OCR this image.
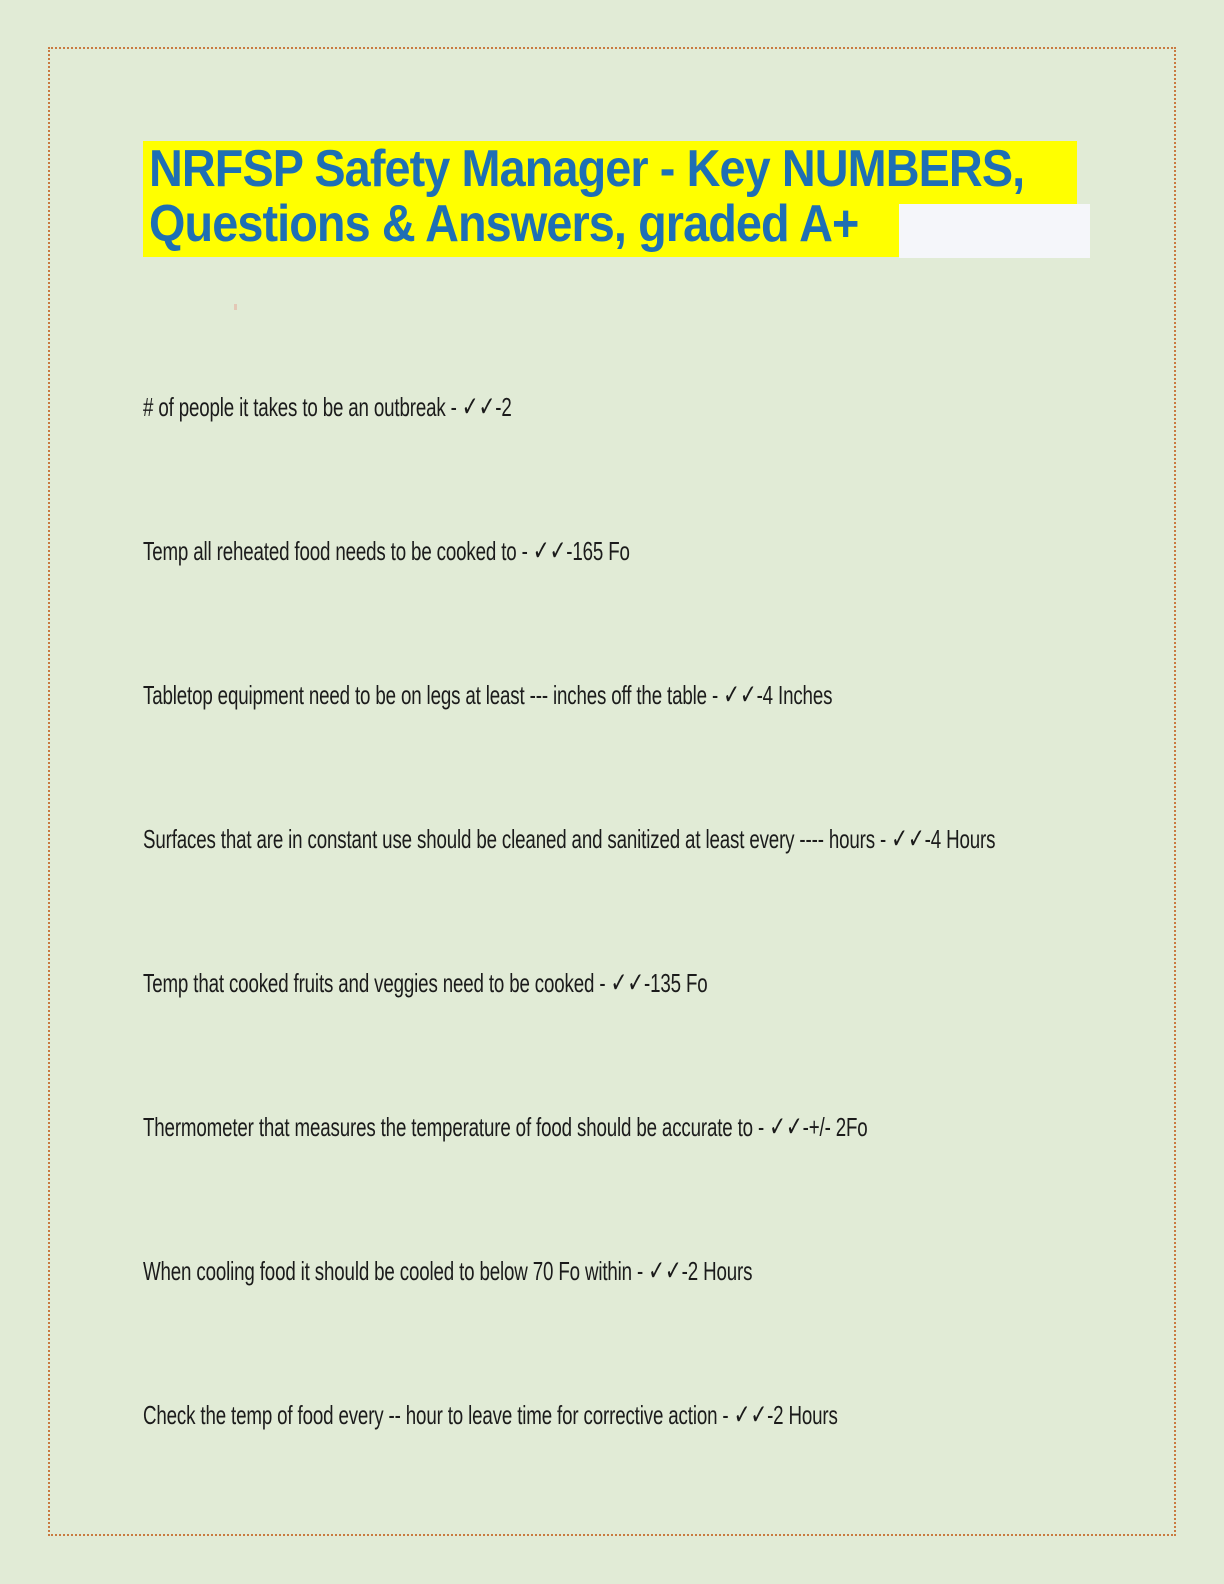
NRFSP Safety Manager - Key NUMBERS,
Questions & Answers, graded A+
# of people it takes to be an outbreak - ✓✓-2
Temp all reheated food needs to be cooked to - ✓✓-165 Fo
Tabletop equipment need to be on legs at least --- inches off the table - ✓✓-4 Inches
Surfaces that are in constant use should be cleaned and sanitized at least every ---- hours - ✓✓-4 Hours
Temp that cooked fruits and veggies need to be cooked - ✓✓-135 Fo
Thermometer that measures the temperature of food should be accurate to - ✓✓-+/- 2Fo
When cooling food it should be cooled to below 70 Fo within - ✓✓-2 Hours
Check the temp of food every -- hour to leave time for corrective action - ✓✓-2 Hours
